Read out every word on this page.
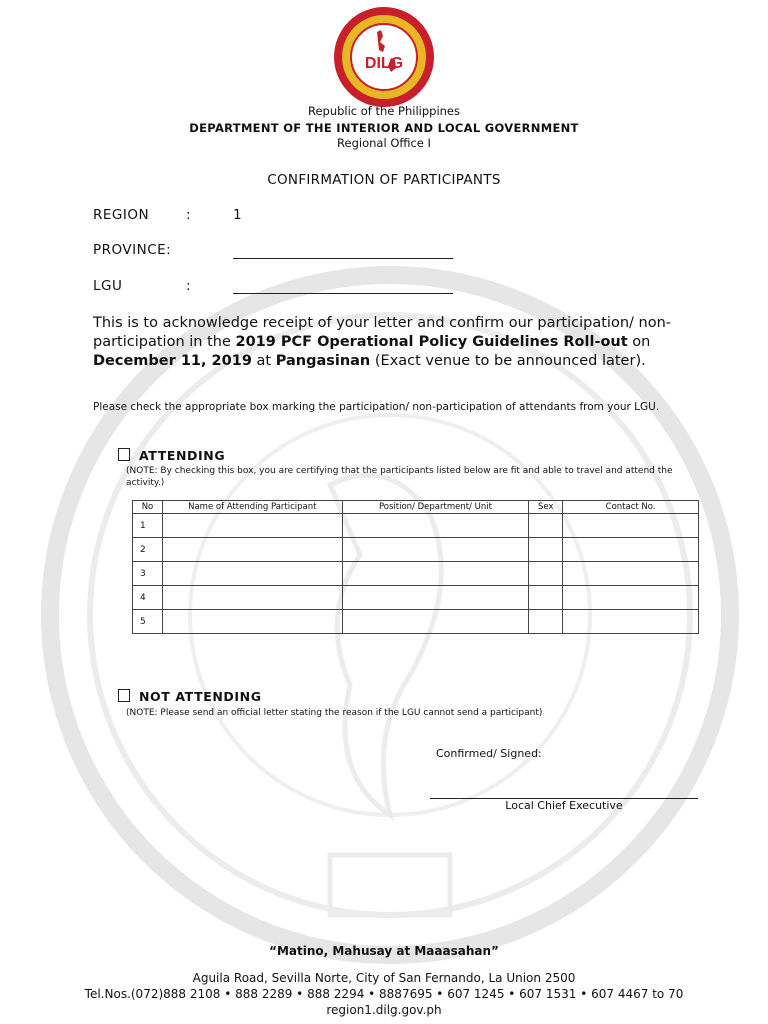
DILG
Republic of the Philippines
DEPARTMENT OF THE INTERIOR AND LOCAL GOVERNMENT
Regional Office I
CONFIRMATION OF PARTICIPANTS
REGION	:	1
PROVINCE:
LGU	:
This is to acknowledge receipt of your letter and confirm our participation/ non-participation in the 2019 PCF Operational Policy Guidelines Roll-out on December 11, 2019 at Pangasinan (Exact venue to be announced later).
Please check the appropriate box marking the participation/ non-participation of attendants from your LGU.
ATTENDING
(NOTE: By checking this box, you are certifying that the participants listed below are fit and able to travel and attend the activity.)
No	Name of Attending Participant	Position/ Department/ Unit	Sex	Contact No.
1				
2				
3				
4				
5				
NOT ATTENDING
(NOTE: Please send an official letter stating the reason if the LGU cannot send a participant)
Confirmed/ Signed:
Local Chief Executive
“Matino, Mahusay at Maaasahan”
Aguila Road, Sevilla Norte, City of San Fernando, La Union 2500
Tel.Nos.(072)888 2108 • 888 2289 • 888 2294 • 8887695 • 607 1245 • 607 1531 • 607 4467 to 70
region1.dilg.gov.ph
